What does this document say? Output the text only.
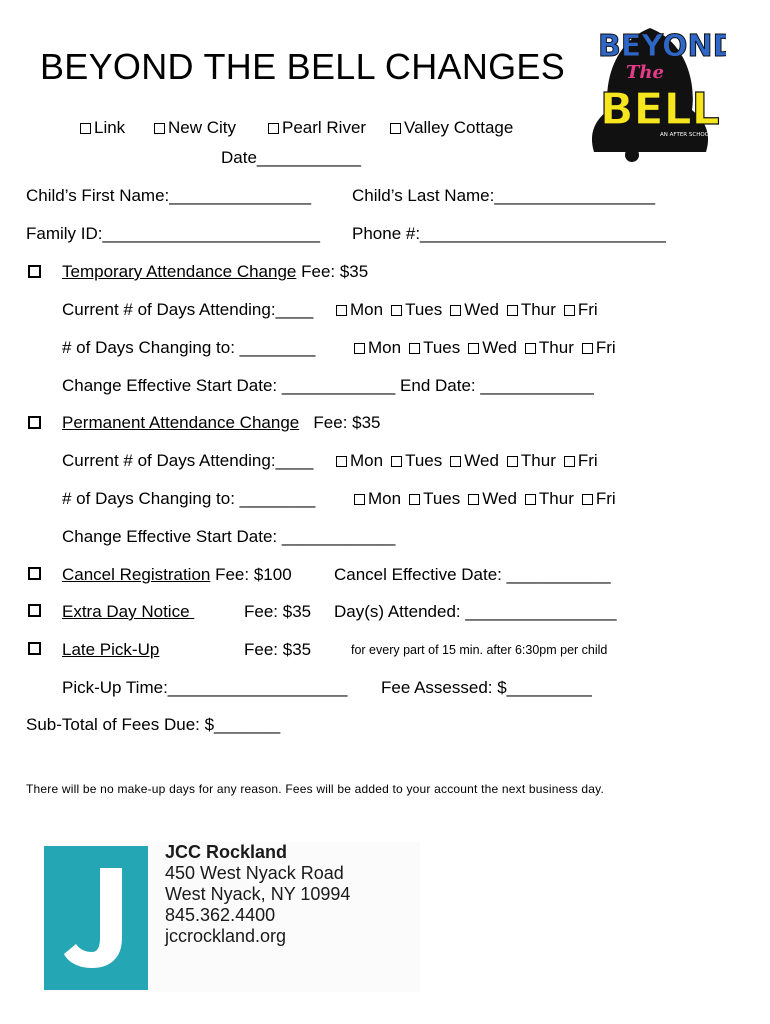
BEYOND THE BELL CHANGES
Link	New City	Pearl River	Valley Cottage
Date___________
BEYOND
The
BELL
AN AFTER SCHOOL CAR
Child’s First Name:_______________ Child’s Last Name:_________________
Family ID:_______________________ Phone #:__________________________
Temporary Attendance Change Fee: $35
Current # of Days Attending:____	Mon Tues Wed Thur Fri
# of Days Changing to: ________	Mon Tues Wed Thur Fri
Change Effective Start Date: ____________ End Date: ____________
Permanent Attendance Change Fee: $35
Current # of Days Attending:____	Mon Tues Wed Thur Fri
# of Days Changing to: ________	Mon Tues Wed Thur Fri
Change Effective Start Date: ____________
Cancel Registration Fee: $100 Cancel Effective Date: ___________
Extra Day Notice	Fee: $35 Day(s) Attended: ________________
Late Pick-Up	Fee: $35	for every part of 15 min. after 6:30pm per child
Pick-Up Time:___________________ Fee Assessed: $_________
Sub-Total of Fees Due: $_______
There will be no make-up days for any reason. Fees will be added to your account the next business day.
JCC Rockland
450 West Nyack Road
West Nyack, NY 10994
845.362.4400
jccrockland.org
